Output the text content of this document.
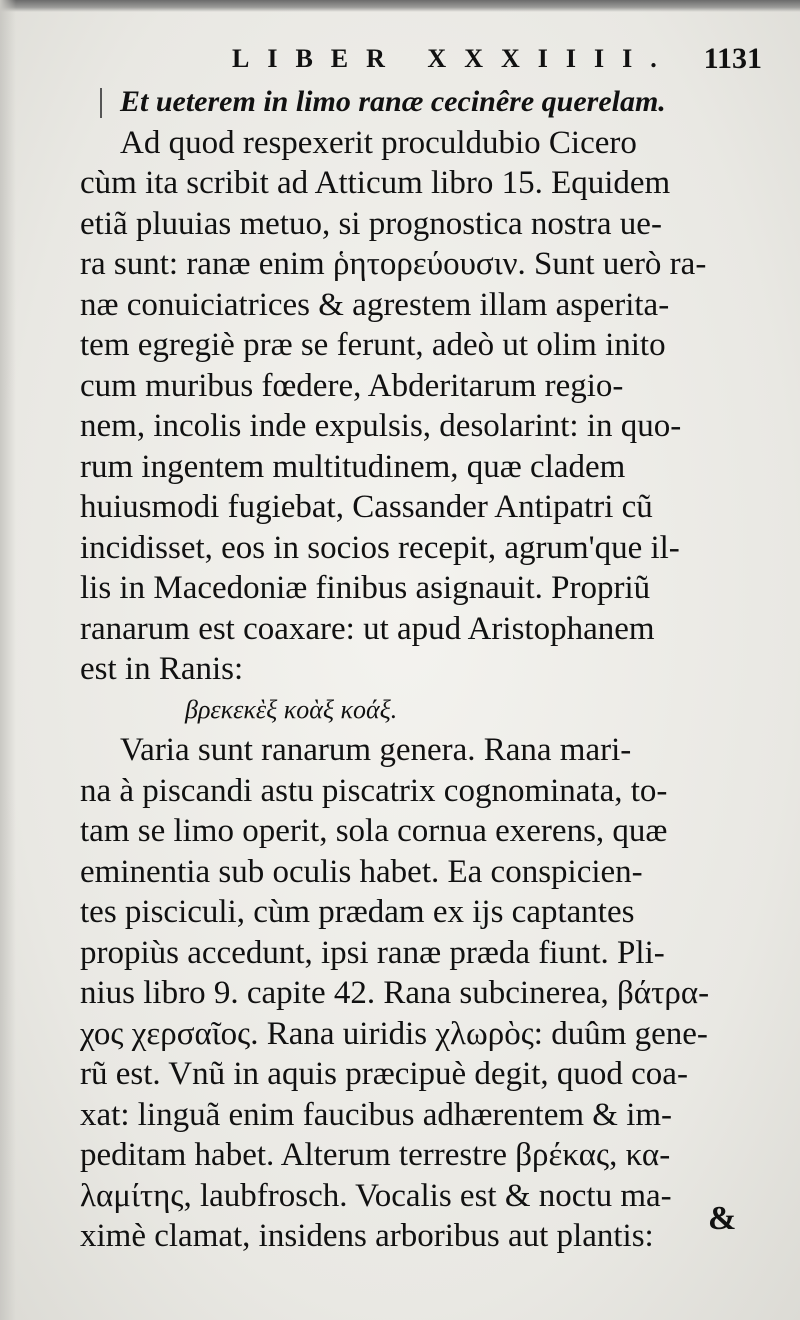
LIBER XXXIIII. 1131
Et ueterem in limo ranæ cecinêre querelam.
Ad quod respexerit proculdubio Cicero
cùm ita scribit ad Atticum libro 15. Equidem
etiã pluuias metuo, si prognostica nostra ue-
ra sunt: ranæ enim ῥητορεύουσιν. Sunt uerò ra-
næ conuiciatrices & agrestem illam asperita-
tem egregiè præ se ferunt, adeò ut olim inito
cum muribus fœdere, Abderitarum regio-
nem, incolis inde expulsis, desolarint: in quo-
rum ingentem multitudinem, quæ cladem
huiusmodi fugiebat, Cassander Antipatri cũ
incidisset, eos in socios recepit, agrum'que il-
lis in Macedoniæ finibus asignauit. Propriũ
ranarum est coaxare: ut apud Aristophanem
est in Ranis:
βρεκεκὲξ κοὰξ κοάξ.
Varia sunt ranarum genera. Rana mari-
na à piscandi astu piscatrix cognominata, to-
tam se limo operit, sola cornua exerens, quæ
eminentia sub oculis habet. Ea conspicien-
tes pisciculi, cùm prædam ex ijs captantes
propiùs accedunt, ipsi ranæ præda fiunt. Pli-
nius libro 9. capite 42. Rana subcinerea, βάτρα-
χος χερσαῖος. Rana uiridis χλωρὸς: duûm gene-
rũ est. Vnũ in aquis præcipuè degit, quod coa-
xat: linguã enim faucibus adhærentem & im-
peditam habet. Alterum terrestre βρέκας, κα-
λαμίτης, laubfrosch. Vocalis est & noctu ma-
ximè clamat, insidens arboribus aut plantis:	&
